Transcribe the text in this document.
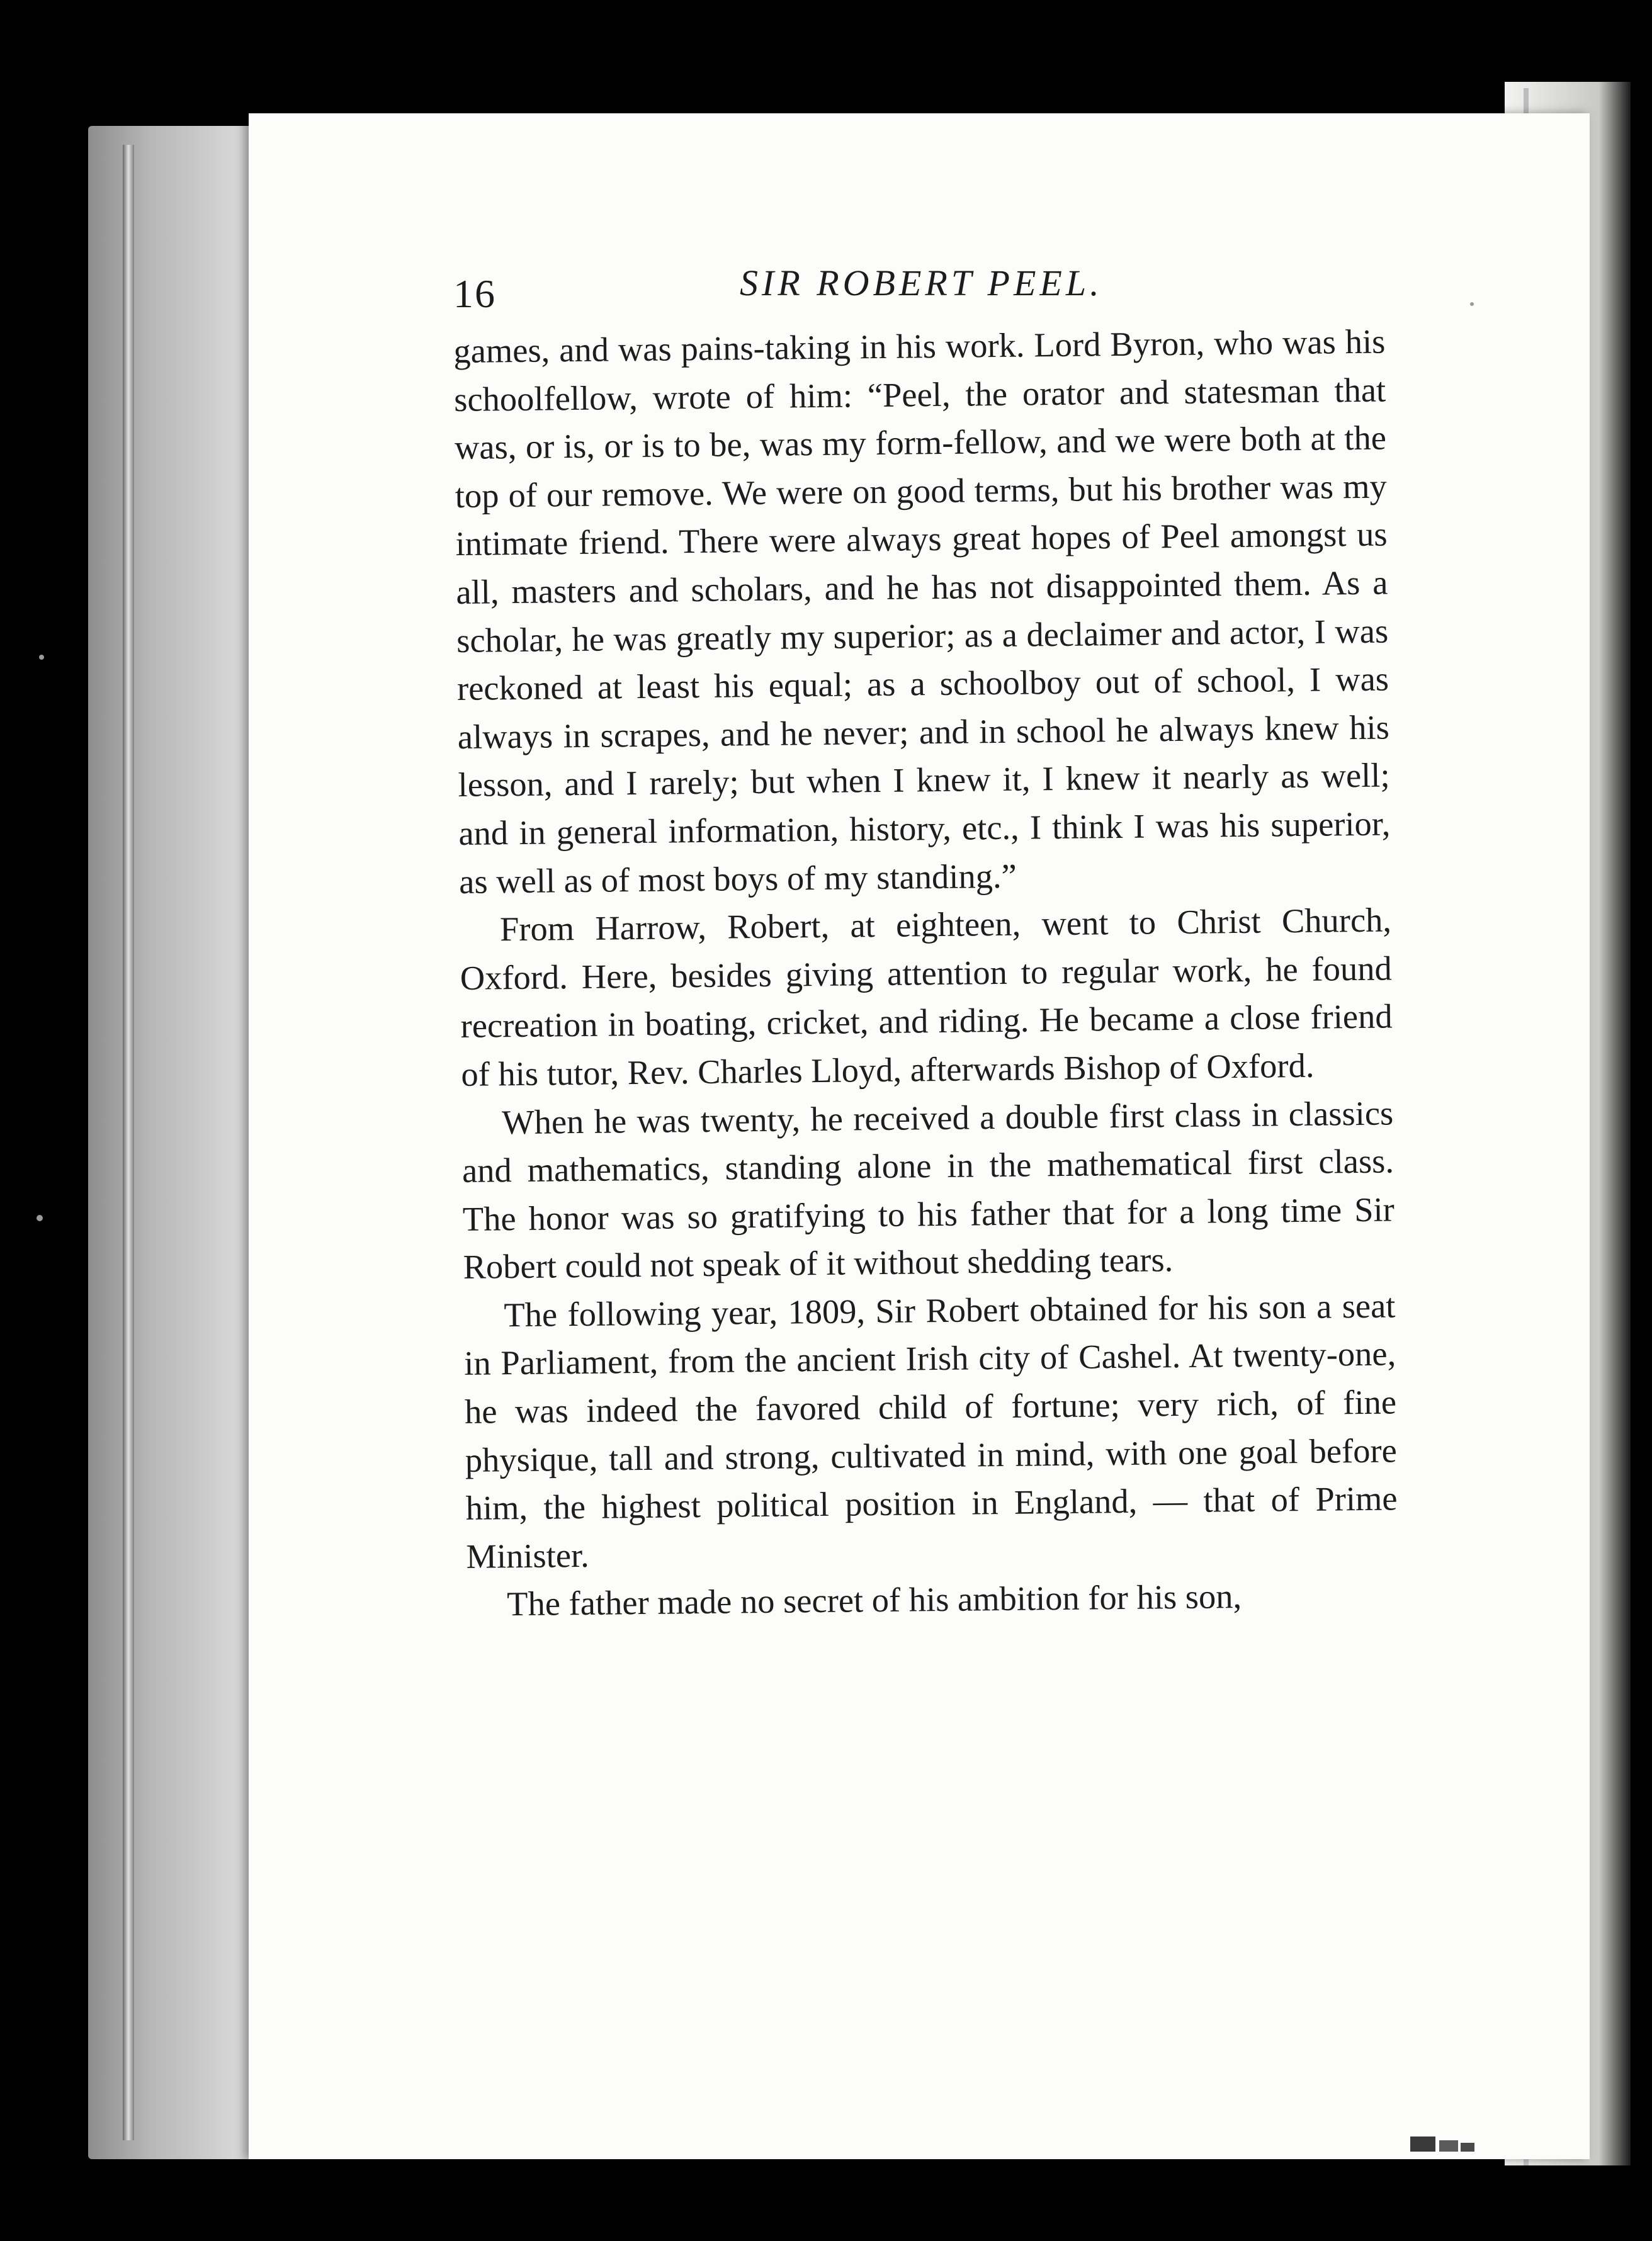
16	SIR ROBERT PEEL.

games, and was pains-taking in his work. Lord Byron, who was his schoolfellow, wrote of him: “Peel, the orator and statesman that was, or is, or is to be, was my form-fellow, and we were both at the top of our remove. We were on good terms, but his brother was my intimate friend. There were always great hopes of Peel amongst us all, masters and scholars, and he has not disappointed them. As a scholar, he was greatly my superior; as a declaimer and actor, I was reckoned at least his equal; as a schoolboy out of school, I was always in scrapes, and he never; and in school he always knew his lesson, and I rarely; but when I knew it, I knew it nearly as well; and in general information, history, etc., I think I was his superior, as well as of most boys of my standing.”

From Harrow, Robert, at eighteen, went to Christ Church, Oxford. Here, besides giving attention to regular work, he found recreation in boating, cricket, and riding. He became a close friend of his tutor, Rev. Charles Lloyd, afterwards Bishop of Oxford.

When he was twenty, he received a double first class in classics and mathematics, standing alone in the mathematical first class. The honor was so gratifying to his father that for a long time Sir Robert could not speak of it without shedding tears.

The following year, 1809, Sir Robert obtained for his son a seat in Parliament, from the ancient Irish city of Cashel. At twenty-one, he was indeed the favored child of fortune; very rich, of fine physique, tall and strong, cultivated in mind, with one goal before him, the highest political position in England, — that of Prime Minister.

The father made no secret of his ambition for his son,
